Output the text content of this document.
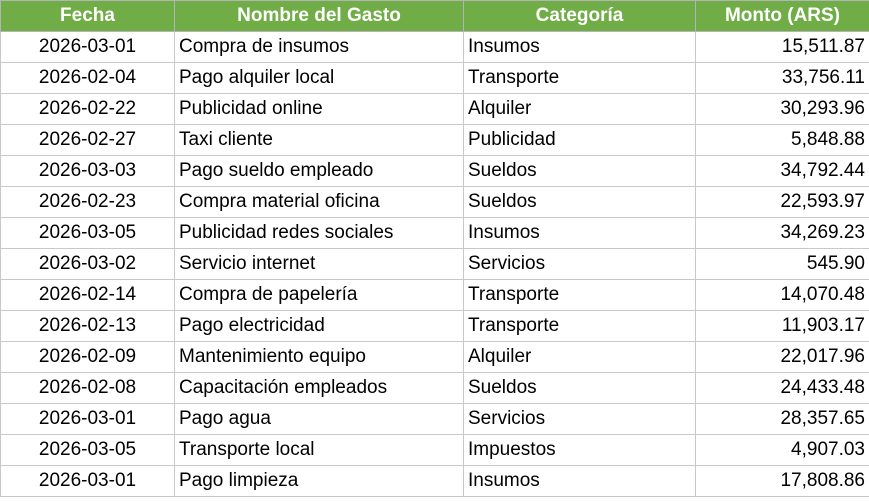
Fecha	Nombre del Gasto	Categoría	Monto (ARS)
2026-03-01	Compra de insumos	Insumos	15,511.87
2026-02-04	Pago alquiler local	Transporte	33,756.11
2026-02-22	Publicidad online	Alquiler	30,293.96
2026-02-27	Taxi cliente	Publicidad	5,848.88
2026-03-03	Pago sueldo empleado	Sueldos	34,792.44
2026-02-23	Compra material oficina	Sueldos	22,593.97
2026-03-05	Publicidad redes sociales	Insumos	34,269.23
2026-03-02	Servicio internet	Servicios	545.90
2026-02-14	Compra de papelería	Transporte	14,070.48
2026-02-13	Pago electricidad	Transporte	11,903.17
2026-02-09	Mantenimiento equipo	Alquiler	22,017.96
2026-02-08	Capacitación empleados	Sueldos	24,433.48
2026-03-01	Pago agua	Servicios	28,357.65
2026-03-05	Transporte local	Impuestos	4,907.03
2026-03-01	Pago limpieza	Insumos	17,808.86
